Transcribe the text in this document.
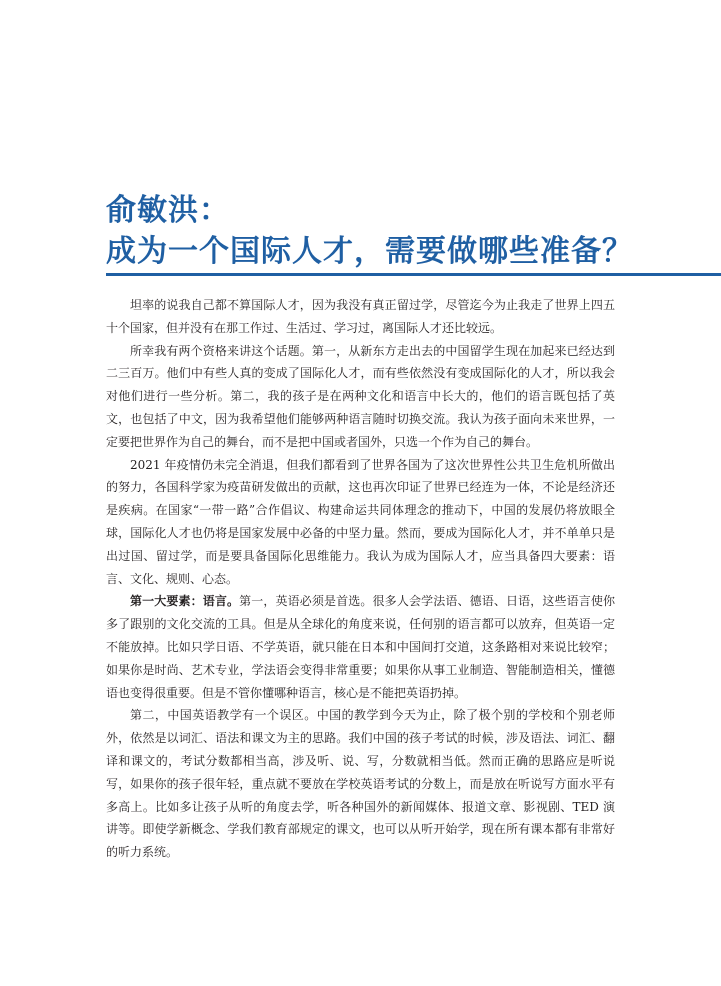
俞敏洪：
成为一个国际人才，需要做哪些准备？

坦率的说我自己都不算国际人才，因为我没有真正留过学，尽管迄今为止我走了世界上四五十个国家，但并没有在那工作过、生活过、学习过，离国际人才还比较远。

所幸我有两个资格来讲这个话题。第一，从新东方走出去的中国留学生现在加起来已经达到二三百万。他们中有些人真的变成了国际化人才，而有些依然没有变成国际化的人才，所以我会对他们进行一些分析。第二，我的孩子是在两种文化和语言中长大的，他们的语言既包括了英文，也包括了中文，因为我希望他们能够两种语言随时切换交流。我认为孩子面向未来世界，一定要把世界作为自己的舞台，而不是把中国或者国外，只选一个作为自己的舞台。

2021 年疫情仍未完全消退，但我们都看到了世界各国为了这次世界性公共卫生危机所做出的努力，各国科学家为疫苗研发做出的贡献，这也再次印证了世界已经连为一体，不论是经济还是疾病。在国家“一带一路”合作倡议、构建命运共同体理念的推动下，中国的发展仍将放眼全球，国际化人才也仍将是国家发展中必备的中坚力量。然而，要成为国际化人才，并不单单只是出过国、留过学，而是要具备国际化思维能力。我认为成为国际人才，应当具备四大要素：语言、文化、规则、心态。

第一大要素：语言。第一，英语必须是首选。很多人会学法语、德语、日语，这些语言使你多了跟别的文化交流的工具。但是从全球化的角度来说，任何别的语言都可以放弃，但英语一定不能放掉。比如只学日语、不学英语，就只能在日本和中国间打交道，这条路相对来说比较窄；如果你是时尚、艺术专业，学法语会变得非常重要；如果你从事工业制造、智能制造相关，懂德语也变得很重要。但是不管你懂哪种语言，核心是不能把英语扔掉。

第二，中国英语教学有一个误区。中国的教学到今天为止，除了极个别的学校和个别老师外，依然是以词汇、语法和课文为主的思路。我们中国的孩子考试的时候，涉及语法、词汇、翻译和课文的，考试分数都相当高，涉及听、说、写，分数就相当低。然而正确的思路应是听说写，如果你的孩子很年轻，重点就不要放在学校英语考试的分数上，而是放在听说写方面水平有多高上。比如多让孩子从听的角度去学，听各种国外的新闻媒体、报道文章、影视剧、TED 演讲等。即使学新概念、学我们教育部规定的课文，也可以从听开始学，现在所有课本都有非常好的听力系统。
